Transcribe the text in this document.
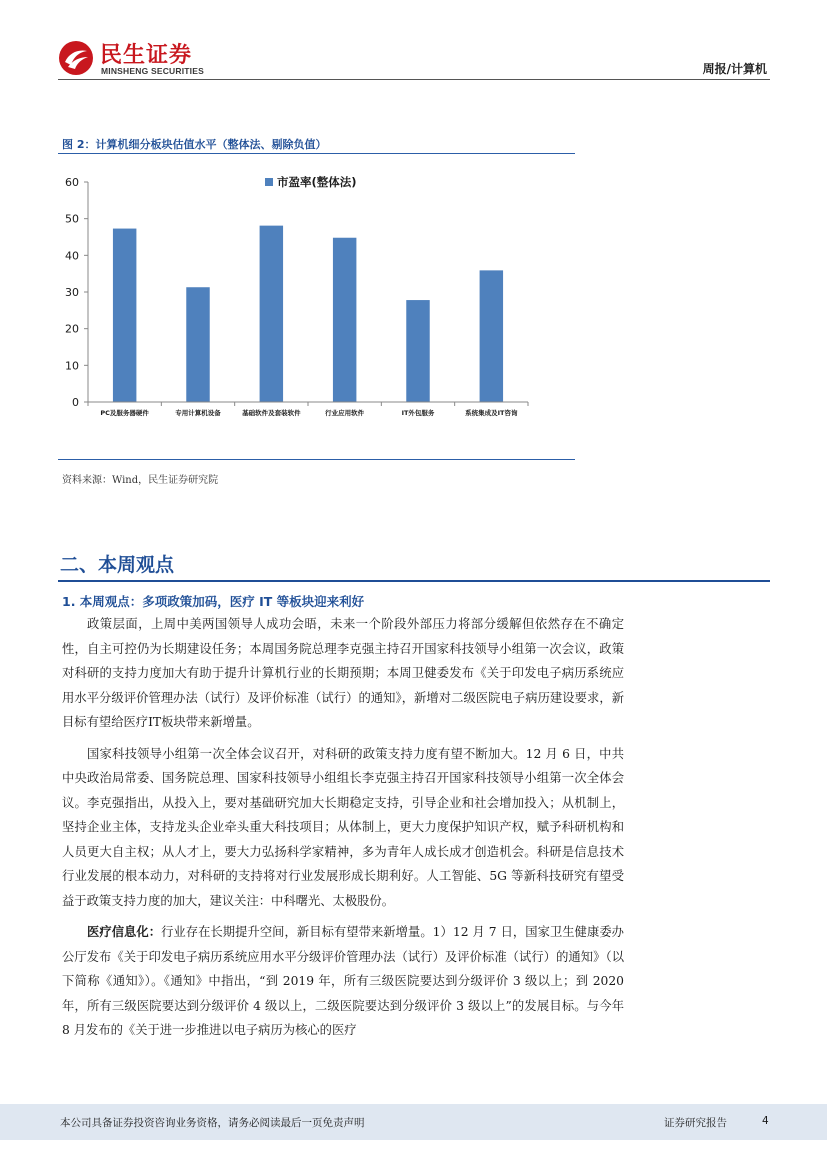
民生证券
MINSHENG SECURITIES	周报/计算机
图 2：计算机细分板块估值水平（整体法、剔除负值）
0
10
20
30
40
50
60
PC及服务器硬件	专用计算机设备	基础软件及套装软件	行业应用软件	IT外包服务	系统集成及IT咨询
市盈率(整体法)
资料来源：Wind，民生证券研究院
二、本周观点
1. 本周观点：多项政策加码，医疗 IT 等板块迎来利好

政策层面，上周中美两国领导人成功会晤，未来一个阶段外部压力将部分缓解但依然存在不确定性，自主可控仍为长期建设任务；本周国务院总理李克强主持召开国家科技领导小组第一次会议，政策对科研的支持力度加大有助于提升计算机行业的长期预期；本周卫健委发布《关于印发电子病历系统应用水平分级评价管理办法（试行）及评价标准（试行）的通知》，新增对二级医院电子病历建设要求，新目标有望给医疗IT板块带来新增量。

国家科技领导小组第一次全体会议召开，对科研的政策支持力度有望不断加大。12 月 6 日，中共中央政治局常委、国务院总理、国家科技领导小组组长李克强主持召开国家科技领导小组第一次全体会议。李克强指出，从投入上，要对基础研究加大长期稳定支持，引导企业和社会增加投入；从机制上，坚持企业主体，支持龙头企业牵头重大科技项目；从体制上，更大力度保护知识产权，赋予科研机构和人员更大自主权；从人才上，要大力弘扬科学家精神，多为青年人成长成才创造机会。科研是信息技术行业发展的根本动力，对科研的支持将对行业发展形成长期利好。人工智能、5G 等新科技研究有望受益于政策支持力度的加大，建议关注：中科曙光、太极股份。

医疗信息化：行业存在长期提升空间，新目标有望带来新增量。1）12 月 7 日，国家卫生健康委办公厅发布《关于印发电子病历系统应用水平分级评价管理办法（试行）及评价标准（试行）的通知》（以下简称《通知》）。《通知》中指出，“到 2019 年，所有三级医院要达到分级评价 3 级以上；到 2020 年，所有三级医院要达到分级评价 4 级以上，二级医院要达到分级评价 3 级以上”的发展目标。与今年 8 月发布的《关于进一步推进以电子病历为核心的医疗

本公司具备证券投资咨询业务资格，请务必阅读最后一页免责声明	证券研究报告	4
